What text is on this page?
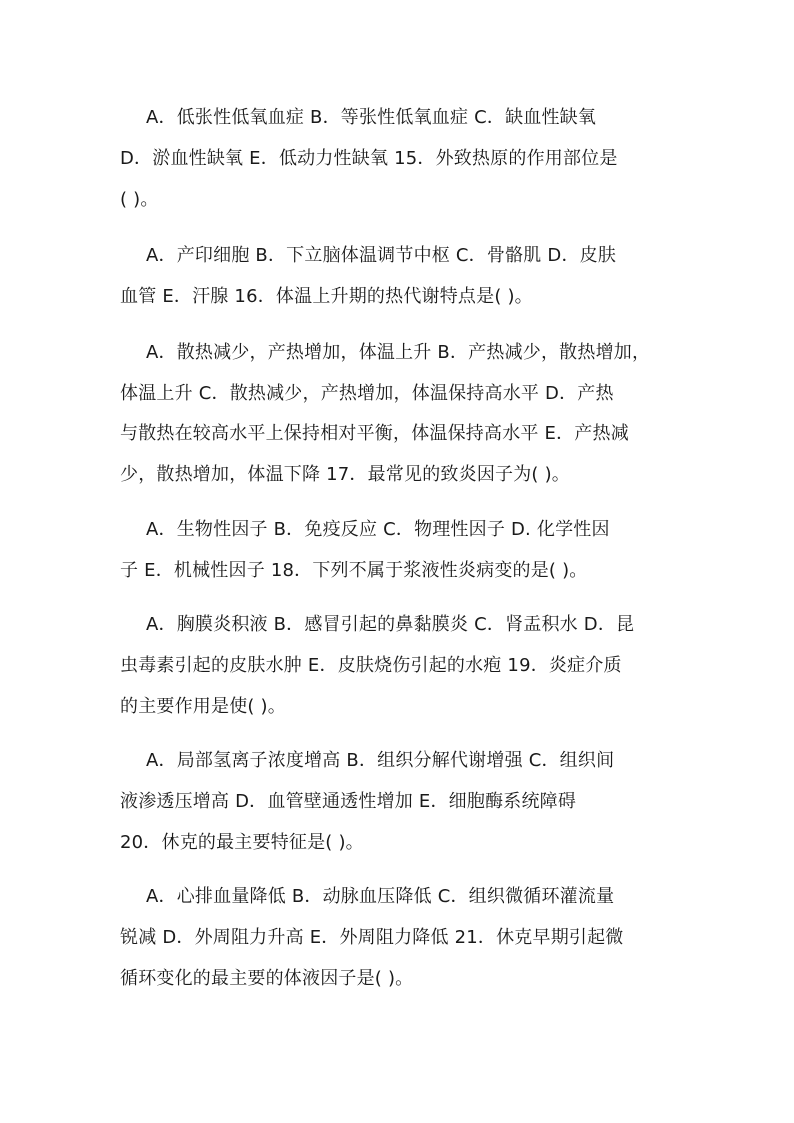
A．低张性低氧血症 B．等张性低氧血症 C．缺血性缺氧

D．淤血性缺氧 E．低动力性缺氧 15．外致热原的作用部位是

( )。

A．产印细胞 B．下立脑体温调节中枢 C．骨骼肌 D．皮肤

血管 E．汗腺 16．体温上升期的热代谢特点是( )。

A．散热减少，产热增加，体温上升 B．产热减少，散热增加，

体温上升 C．散热减少，产热增加，体温保持高水平 D．产热

与散热在较高水平上保持相对平衡，体温保持高水平 E．产热减

少，散热增加，体温下降 17．最常见的致炎因子为( )。

A．生物性因子 B．免疫反应 C．物理性因子 D. 化学性因

子 E．机械性因子 18．下列不属于浆液性炎病变的是( )。

A．胸膜炎积液 B．感冒引起的鼻黏膜炎 C．肾盂积水 D．昆

虫毒素引起的皮肤水肿 E．皮肤烧伤引起的水疱 19．炎症介质

的主要作用是使( )。

A．局部氢离子浓度增高 B．组织分解代谢增强 C．组织间

液渗透压增高 D．血管壁通透性增加 E．细胞酶系统障碍

20．休克的最主要特征是( )。

A．心排血量降低 B．动脉血压降低 C．组织微循环灌流量

锐减 D．外周阻力升高 E．外周阻力降低 21．休克早期引起微

循环变化的最主要的体液因子是( )。
